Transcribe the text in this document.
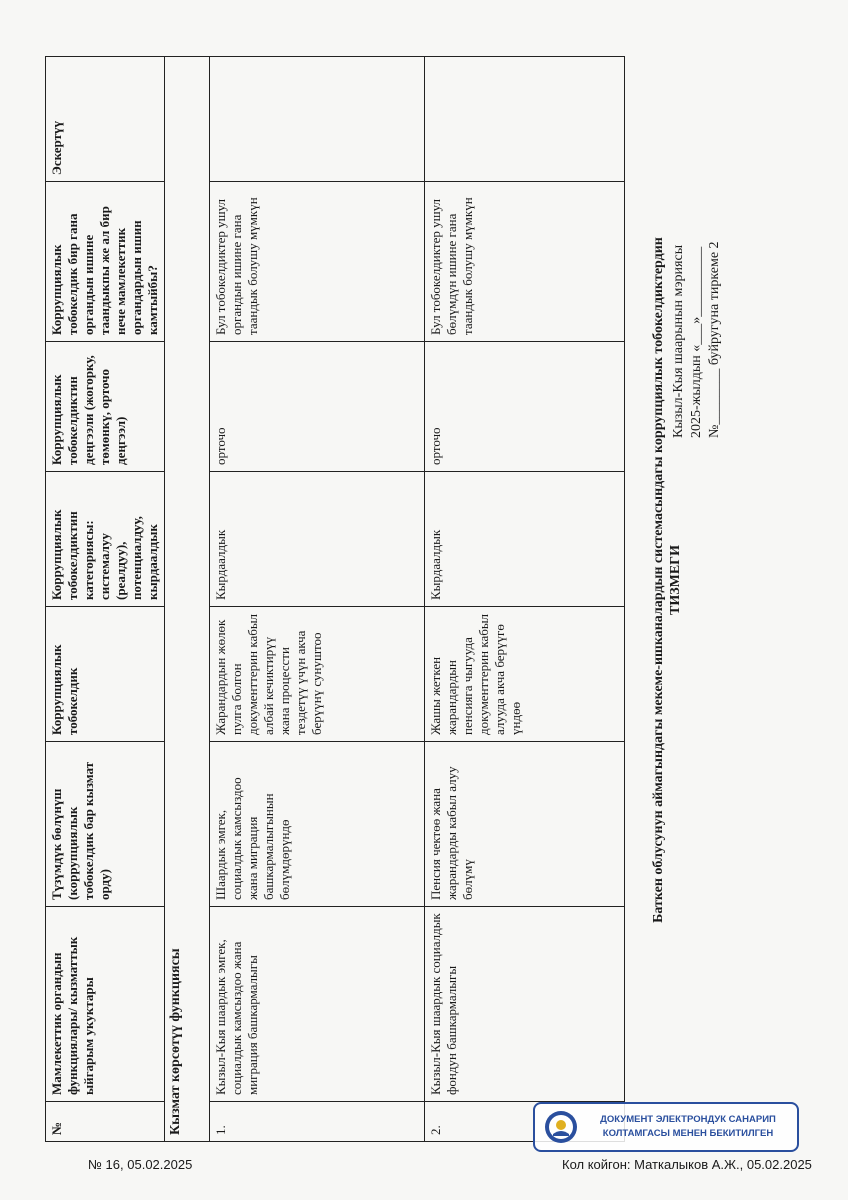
Кызыл-Кыя шаарынын мэриясы 2025-жылдын «___»__________ №________ буйругуна тиркеме 2
Баткен облусунун аймагындагы мекеме-ишканалардын системасындагы коррупциялык тобокелдиктердин ТИЗМЕГИ
№	Мамлекеттик органдын функциялары/ кызматтык ыйгарым укуктары	Түзүмдүк бөлүнүш (коррупциялык тобокелдик бар кызмат орду)	Коррупциялык тобокелдик	Коррупциялык тобокелдиктин категориясы: системалуу (реалдуу), потенциалдуу, кырдаалдык	Коррупциялык тобокелдиктин деңгээли (жогорку, төмөнкү, орточо деңгээл)	Коррупциялык тобокелдик бир гана органдын ишине таандыкпы же ал бир нече мамлекеттик органдардын ишин камтыйбы?	Эскертүү
Кызмат көрсөтүү функциясы							
1.	Кызыл-Кыя шаардык эмгек, социалдык камсыздоо жана миграция башкармалыгы	Шаардык эмгек, социалдык камсыздоо жана миграция башкармалыгынын бөлүмдөрүндө	Жарандардын жөлөк пулга болгон документтерин кабыл албай кечиктирүү жана процессти тездетүү үчүн акча берүүнү сунуштоо	Кырдаалдык	орточо	Бул тобокелдиктер ушул органдын ишине гана таандык болушу мүмкүн	
2.	Кызыл-Кыя шаардык социалдык фондун башкармалыгы	Пенсия чектөө жана жарандарды кабыл алуу бөлүмү	Жашы жеткен жарандардын пенсияга чыгууда документтерин кабыл алууда акча берүүгө үндөө	Кырдаалдык	орточо	Бул тобокелдиктер ушул бөлүмдүн ишине гана таандык болушу мүмкүн	
ДОКУМЕНТ ЭЛЕКТРОНДУК САНАРИП
КОЛТАМГАСЫ МЕНЕН БЕКИТИЛГЕН
№ 16, 05.02.2025	Кол койгон: Маткалыков А.Ж., 05.02.2025
